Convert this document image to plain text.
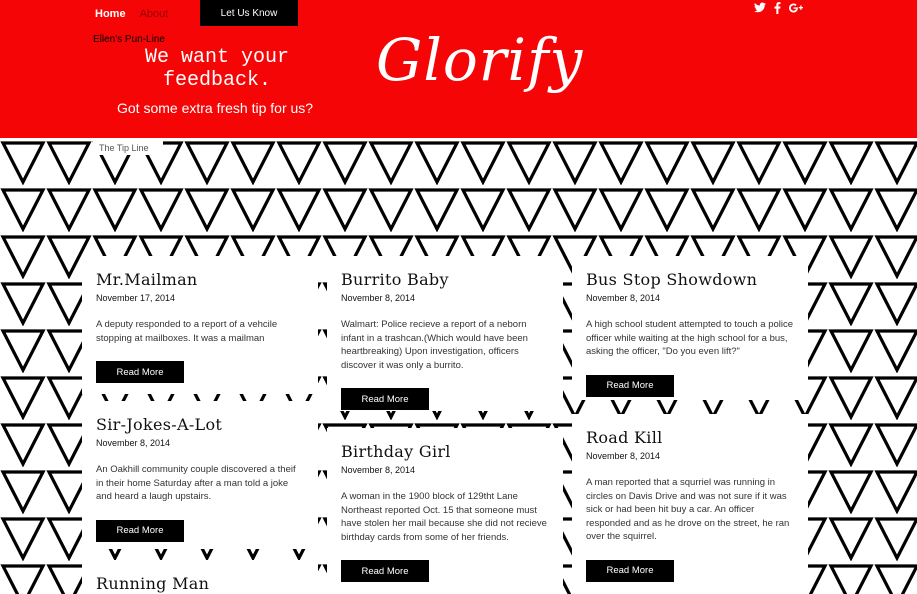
Home About	Let Us Know
Ellen's Pun-Line
We want your feedback.
Got some extra fresh tip for us?
Glorify
The Tip Line
Mr.Mailman
November 17, 2014

A deputy responded to a report of a vehcile stopping at mailboxes. It was a mailman

Read More
Sir-Jokes-A-Lot
November 8, 2014

An Oakhill community couple discovered a theif in their home Saturday after a man told a joke and heard a laugh upstairs.

Read More
Running Man
Burrito Baby
November 8, 2014

Walmart: Police recieve a report of a neborn infant in a trashcan.(Which would have been heartbreaking) Upon investigation, officers discover it was only a burrito.

Read More
Birthday Girl
November 8, 2014

A woman in the 1900 block of 129tht Lane Northeast reported Oct. 15 that someone must have stolen her mail because she did not recieve birthday cards from some of her friends.

Read More
Bus Stop Showdown
November 8, 2014

A high school student attempted to touch a police officer while waiting at the high school for a bus, asking the officer, "Do you even lift?"

Read More
Road Kill
November 8, 2014

A man reported that a squrriel was running in circles on Davis Drive and was not sure if it was sick or had been hit buy a car. An officer responded and as he drove on the street, he ran over the squirrel.

Read More
